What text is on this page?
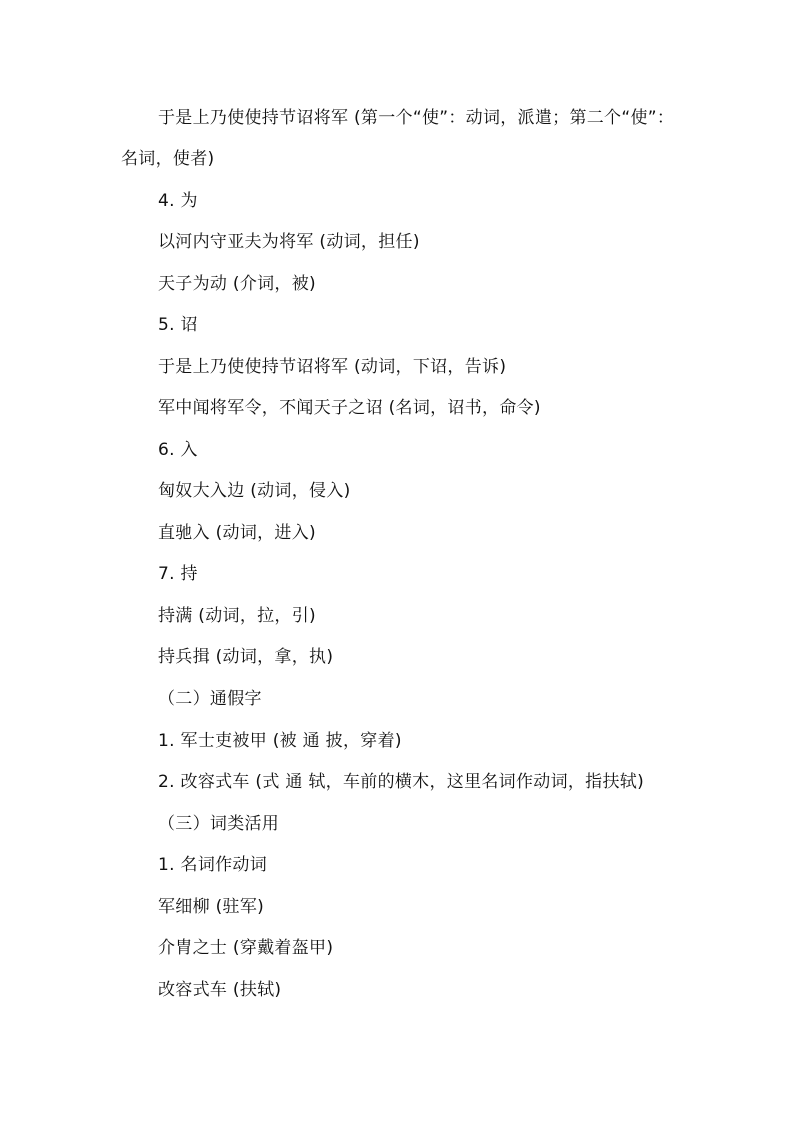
于是上乃使使持节诏将军 (第一个“使”：动词，派遣；第二个“使”：
名词，使者)
4. 为
以河内守亚夫为将军 (动词，担任)
天子为动 (介词，被)
5. 诏
于是上乃使使持节诏将军 (动词，下诏，告诉)
军中闻将军令，不闻天子之诏 (名词，诏书，命令)
6. 入
匈奴大入边 (动词，侵入)
直驰入 (动词，进入)
7. 持
持满 (动词，拉，引)
持兵揖 (动词，拿，执)
（二）通假字
1. 军士吏被甲 (被 通 披，穿着)
2. 改容式车 (式 通 轼，车前的横木，这里名词作动词，指扶轼)
（三）词类活用
1. 名词作动词
军细柳 (驻军)
介胄之士 (穿戴着盔甲)
改容式车 (扶轼)
